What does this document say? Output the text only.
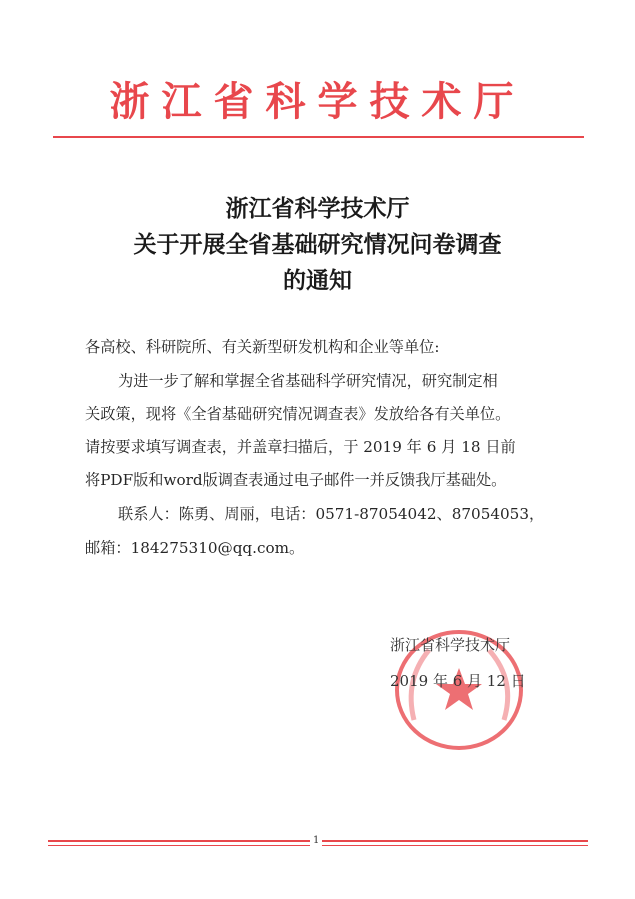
浙江省科学技术厅
浙江省科学技术厅
关于开展全省基础研究情况问卷调查
的通知
各高校、科研院所、有关新型研发机构和企业等单位:
为进一步了解和掌握全省基础科学研究情况，研究制定相
关政策，现将《全省基础研究情况调查表》发放给各有关单位。
请按要求填写调查表，并盖章扫描后，于 2019 年 6 月 18 日前
将PDF版和word版调查表通过电子邮件一并反馈我厅基础处。
联系人：陈勇、周丽，电话：0571-87054042、87054053，
邮箱：184275310@qq.com。
浙江省科学技术厅
2019 年 6 月 12 日
1
